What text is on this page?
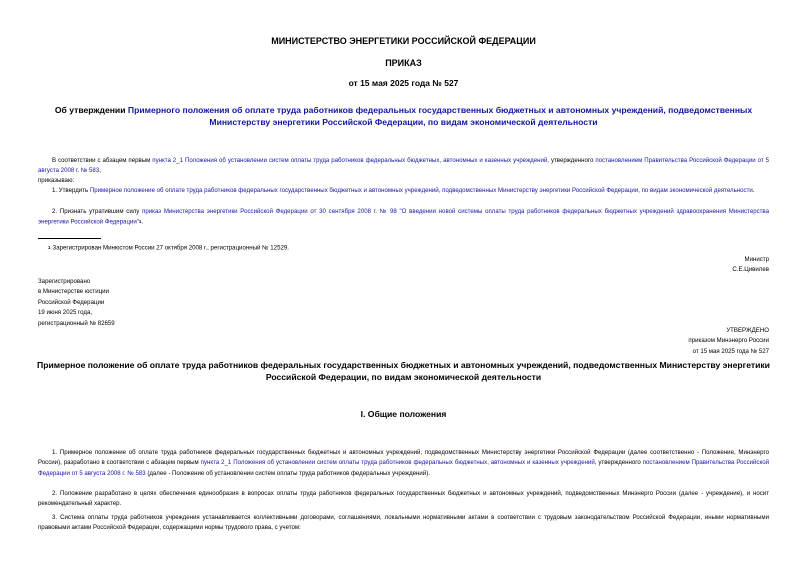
МИНИСТЕРСТВО ЭНЕРГЕТИКИ РОССИЙСКОЙ ФЕДЕРАЦИИ
ПРИКАЗ
от 15 мая 2025 года № 527
Об утверждении Примерного положения об оплате труда работников федеральных государственных бюджетных и автономных учреждений, подведомственных Министерству энергетики Российской Федерации, по видам экономической деятельности
В соответствии с абзацем первым пункта 2_1 Положения об установлении систем оплаты труда работников федеральных бюджетных, автономных и казенных учреждений, утвержденного постановлением Правительства Российской Федерации от 5 августа 2008 г. № 583,
приказываю:
1. Утвердить Примерное положение об оплате труда работников федеральных государственных бюджетных и автономных учреждений, подведомственных Министерству энергетики Российской Федерации, по видам экономической деятельности.
2. Признать утратившим силу приказ Министерства энергетики Российской Федерации от 30 сентября 2008 г. № 98 "О введении новой системы оплаты труда работников федеральных бюджетных учреждений здравоохранения Министерства энергетики Российской Федерации"$^1$.
$^1$ Зарегистрирован Минюстом России 27 октября 2008 г., регистрационный № 12529.
Министр
С.Е.Цивилев
Зарегистрировано
в Министерстве юстиции
Российской Федерации
19 июня 2025 года,
регистрационный № 82659
УТВЕРЖДЕНО
приказом Минэнерго России
от 15 мая 2025 года № 527
Примерное положение об оплате труда работников федеральных государственных бюджетных и автономных учреждений, подведомственных Министерству энергетики Российской Федерации, по видам экономической деятельности
I. Общие положения
1. Примерное положение об оплате труда работников федеральных государственных бюджетных и автономных учреждений, подведомственных Министерству энергетики Российской Федерации (далее соответственно - Положение, Минэнерго России), разработано в соответствии с абзацем первым пункта 2_1 Положения об установлении систем оплаты труда работников федеральных бюджетных, автономных и казенных учреждений, утвержденного постановлением Правительства Российской Федерации от 5 августа 2008 г. № 583 (далее - Положение об установлении систем оплаты труда работников федеральных учреждений).
2. Положение разработано в целях обеспечения единообразия в вопросах оплаты труда работников федеральных государственных бюджетных и автономных учреждений, подведомственных Минэнерго России (далее - учреждение), и носит рекомендательный характер.
3. Система оплаты труда работников учреждения устанавливается коллективными договорами, соглашениями, локальными нормативными актами в соответствии с трудовым законодательством Российской Федерации, иными нормативными правовыми актами Российской Федерации, содержащими нормы трудового права, с учетом:
